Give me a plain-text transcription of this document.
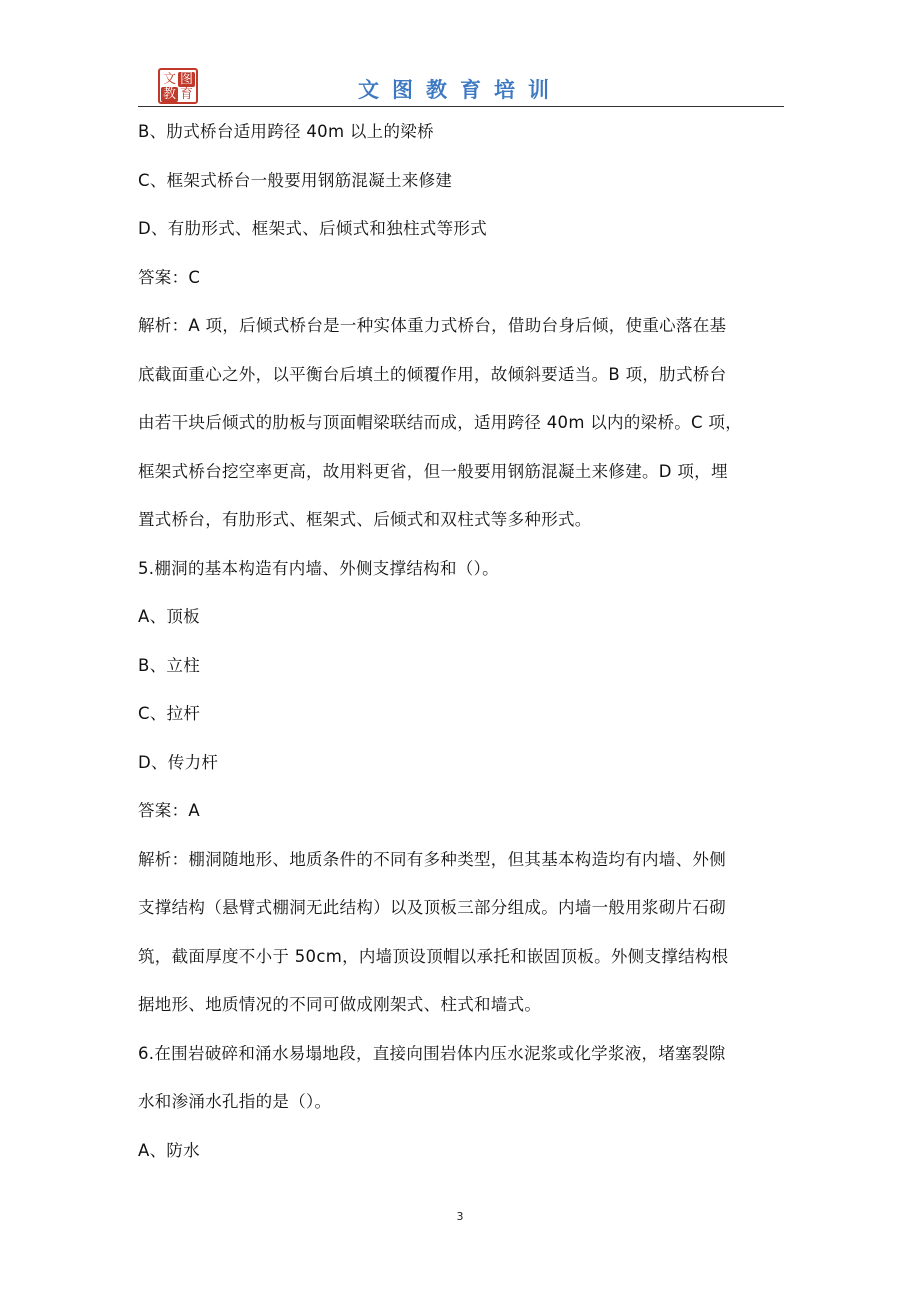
文 图
教 育	文图教育培训
B、肋式桥台适用跨径 40m 以上的梁桥
C、框架式桥台一般要用钢筋混凝土来修建
D、有肋形式、框架式、后倾式和独柱式等形式
答案：C
解析：A 项，后倾式桥台是一种实体重力式桥台，借助台身后倾，使重心落在基
底截面重心之外，以平衡台后填土的倾覆作用，故倾斜要适当。B 项，肋式桥台
由若干块后倾式的肋板与顶面帽梁联结而成，适用跨径 40m 以内的梁桥。C 项，
框架式桥台挖空率更高，故用料更省，但一般要用钢筋混凝土来修建。D 项，埋
置式桥台，有肋形式、框架式、后倾式和双柱式等多种形式。
5.棚洞的基本构造有内墙、外侧支撑结构和（）。
A、顶板
B、立柱
C、拉杆
D、传力杆
答案：A
解析：棚洞随地形、地质条件的不同有多种类型，但其基本构造均有内墙、外侧
支撑结构（悬臂式棚洞无此结构）以及顶板三部分组成。内墙一般用浆砌片石砌
筑，截面厚度不小于 50cm，内墙顶设顶帽以承托和嵌固顶板。外侧支撑结构根
据地形、地质情况的不同可做成刚架式、柱式和墙式。
6.在围岩破碎和涌水易塌地段，直接向围岩体内压水泥浆或化学浆液，堵塞裂隙
水和渗涌水孔指的是（）。
A、防水
3
